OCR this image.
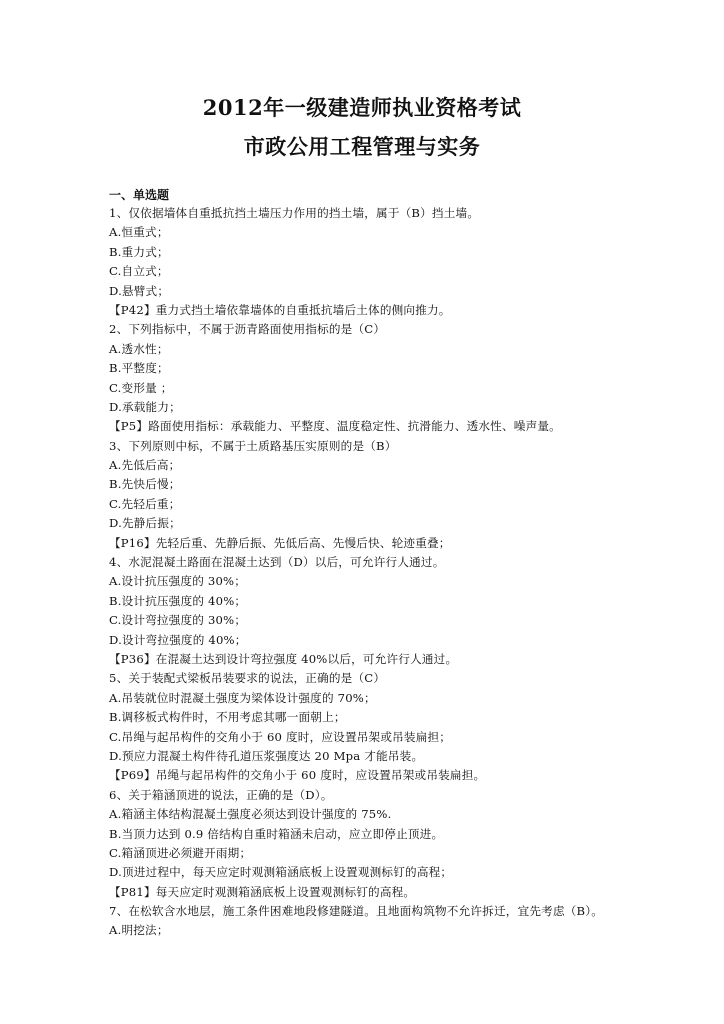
2012年一级建造师执业资格考试
市政公用工程管理与实务
一、单选题
1、仅依据墙体自重抵抗挡土墙压力作用的挡土墙，属于（B）挡土墙。
A.恒重式；
B.重力式；
C.自立式；
D.悬臂式；
【P42】重力式挡土墙依靠墙体的自重抵抗墙后土体的侧向推力。
2、下列指标中，不属于沥青路面使用指标的是（C）
A.透水性；
B.平整度；
C.变形量 ；
D.承载能力；
【P5】路面使用指标：承载能力、平整度、温度稳定性、抗滑能力、透水性、噪声量。
3、下列原则中标，不属于土质路基压实原则的是（B）
A.先低后高；
B.先快后慢；
C.先轻后重；
D.先静后振；
【P16】先轻后重、先静后振、先低后高、先慢后快、轮迹重叠；
4、水泥混凝土路面在混凝土达到（D）以后，可允许行人通过。
A.设计抗压强度的 30%；
B.设计抗压强度的 40%；
C.设计弯拉强度的 30%；
D.设计弯拉强度的 40%；
【P36】在混凝土达到设计弯拉强度 40%以后，可允许行人通过。
5、关于装配式梁板吊装要求的说法，正确的是（C）
A.吊装就位时混凝土强度为梁体设计强度的 70%；
B.调移板式构件时，不用考虑其哪一面朝上；
C.吊绳与起吊构件的交角小于 60 度时，应设置吊架或吊装扁担；
D.预应力混凝土构件待孔道压浆强度达 20 Mpa 才能吊装。
【P69】吊绳与起吊构件的交角小于 60 度时，应设置吊架或吊装扁担。
6、关于箱涵顶进的说法，正确的是（D）。
A.箱涵主体结构混凝土强度必须达到设计强度的 75%.
B.当顶力达到 0.9 倍结构自重时箱涵未启动，应立即停止顶进。
C.箱涵顶进必须避开雨期；
D.顶进过程中，每天应定时观测箱涵底板上设置观测标钉的高程；
【P81】每天应定时观测箱涵底板上设置观测标钉的高程。
7、在松软含水地层，施工条件困难地段修建隧道。且地面构筑物不允许拆迁，宜先考虑（B）。
A.明挖法；
